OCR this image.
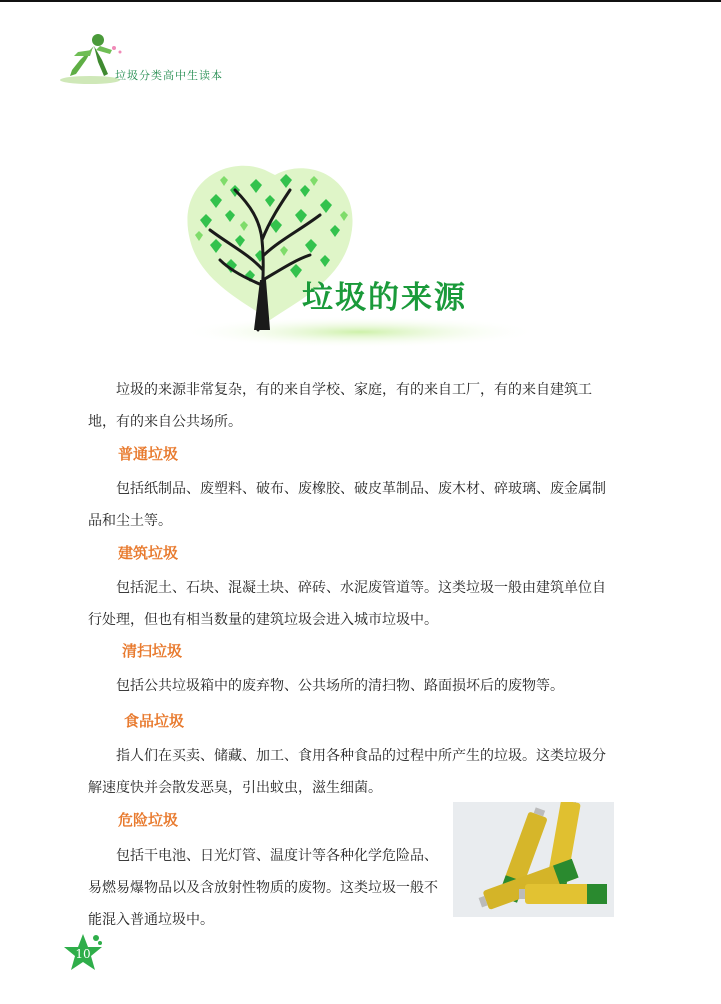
垃圾分类高中生读本
垃圾的来源

垃圾的来源非常复杂，有的来自学校、家庭，有的来自工厂，有的来自建筑工地，有的来自公共场所。

普通垃圾

包括纸制品、废塑料、破布、废橡胶、破皮革制品、废木材、碎玻璃、废金属制品和尘土等。

建筑垃圾

包括泥土、石块、混凝土块、碎砖、水泥废管道等。这类垃圾一般由建筑单位自行处理，但也有相当数量的建筑垃圾会进入城市垃圾中。

清扫垃圾

包括公共垃圾箱中的废弃物、公共场所的清扫物、路面损坏后的废物等。

食品垃圾

指人们在买卖、储藏、加工、食用各种食品的过程中所产生的垃圾。这类垃圾分解速度快并会散发恶臭，引出蚊虫，滋生细菌。

危险垃圾

包括干电池、日光灯管、温度计等各种化学危险品、易燃易爆物品以及含放射性物质的废物。这类垃圾一般不能混入普通垃圾中。

10
